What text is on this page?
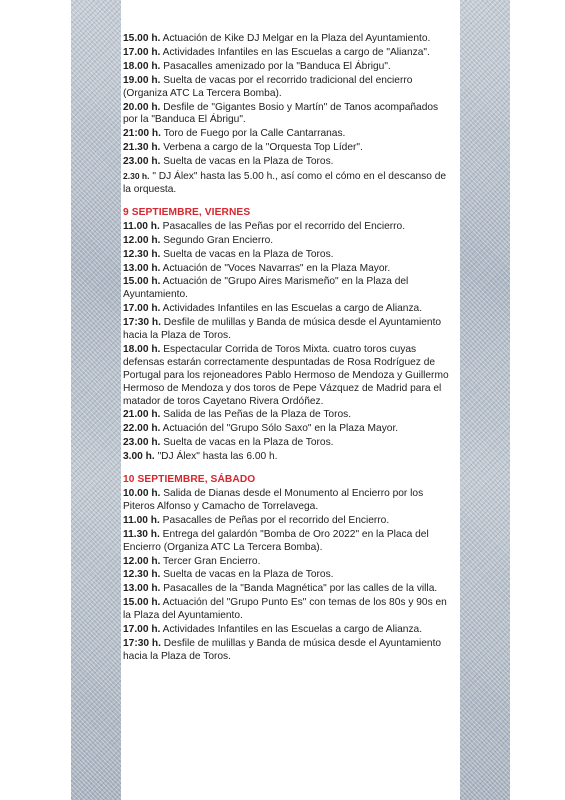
15.00 h. Actuación de Kike DJ Melgar en la Plaza del Ayuntamiento.
17.00 h. Actividades Infantiles en las Escuelas a cargo de "Alianza".
18.00 h. Pasacalles amenizado por la "Banduca El Ábrigu".
19.00 h. Suelta de vacas por el recorrido tradicional del encierro (Organiza ATC La Tercera Bomba).
20.00 h. Desfile de "Gigantes Bosio y Martín" de Tanos acompañados por la "Banduca El Ábrigu".
21:00 h. Toro de Fuego por la Calle Cantarranas.
21.30 h. Verbena a cargo de la "Orquesta Top Líder".
23.00 h. Suelta de vacas en la Plaza de Toros.
2.30 h. " DJ Álex" hasta las 5.00 h., así como el cómo en el descanso de la orquesta.
9 SEPTIEMBRE, VIERNES
11.00 h. Pasacalles de las Peñas por el recorrido del Encierro.
12.00 h. Segundo Gran Encierro.
12.30 h. Suelta de vacas en la Plaza de Toros.
13.00 h. Actuación de "Voces Navarras" en la Plaza Mayor.
15.00 h. Actuación de "Grupo Aires Marismeño" en la Plaza del Ayuntamiento.
17.00 h. Actividades Infantiles en las Escuelas a cargo de Alianza.
17:30 h. Desfile de mulillas y Banda de música desde el Ayuntamiento hacia la Plaza de Toros.
18.00 h. Espectacular Corrida de Toros Mixta. cuatro toros cuyas defensas estarán correctamente despuntadas de Rosa Rodríguez de Portugal para los rejoneadores Pablo Hermoso de Mendoza y Guillermo Hermoso de Mendoza y dos toros de Pepe Vázquez de Madrid para el matador de toros Cayetano Rivera Ordóñez.
21.00 h. Salida de las Peñas de la Plaza de Toros.
22.00 h. Actuación del "Grupo Sólo Saxo" en la Plaza Mayor.
23.00 h. Suelta de vacas en la Plaza de Toros.
3.00 h. "DJ Álex" hasta las 6.00 h.
10 SEPTIEMBRE, SÁBADO
10.00 h. Salida de Dianas desde el Monumento al Encierro por los Piteros Alfonso y Camacho de Torrelavega.
11.00 h. Pasacalles de Peñas por el recorrido del Encierro.
11.30 h. Entrega del galardón "Bomba de Oro 2022" en la Placa del Encierro (Organiza ATC La Tercera Bomba).
12.00 h. Tercer Gran Encierro.
12.30 h. Suelta de vacas en la Plaza de Toros.
13.00 h. Pasacalles de la "Banda Magnética" por las calles de la villa.
15.00 h. Actuación del "Grupo Punto Es" con temas de los 80s y 90s en la Plaza del Ayuntamiento.
17.00 h. Actividades Infantiles en las Escuelas a cargo de Alianza.
17:30 h. Desfile de mulillas y Banda de música desde el Ayuntamiento hacia la Plaza de Toros.
